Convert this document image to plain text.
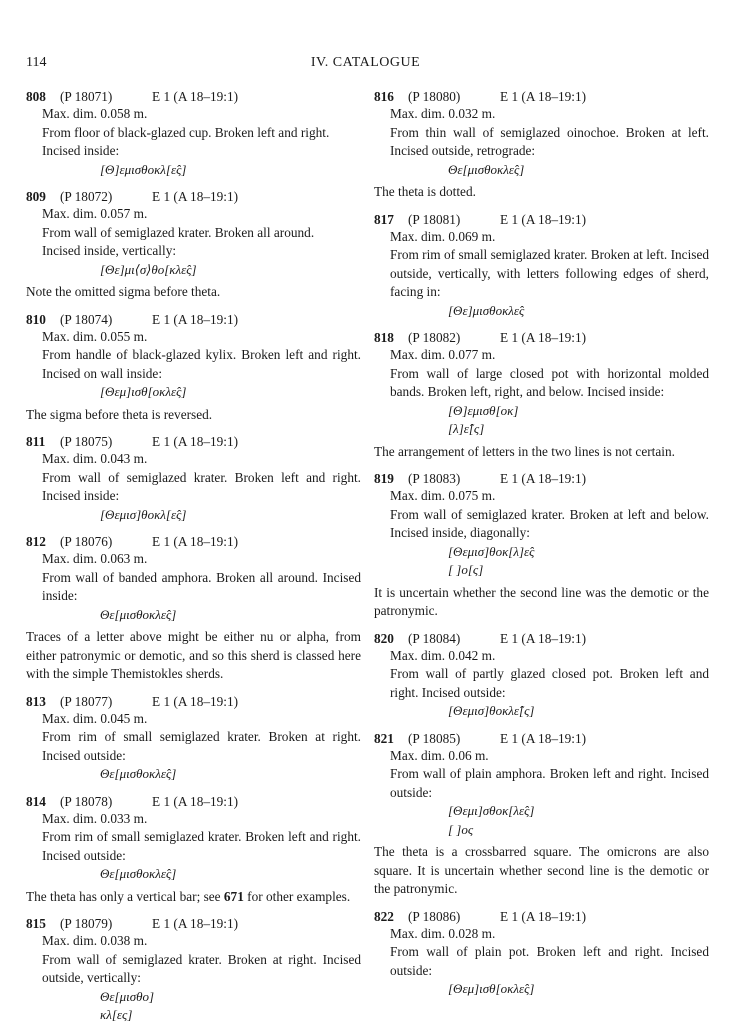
114	IV. CATALOGUE
808 (P 18071)	E 1 (A 18–19:1)
Max. dim. 0.058 m.
From floor of black-glazed cup. Broken left and right.
Incised inside:
[Θ]εμισθοκλ[ε̂ς]
809 (P 18072)	E 1 (A 18–19:1)
Max. dim. 0.057 m.
From wall of semiglazed krater. Broken all around.
Incised inside, vertically:
[Θε]μι⟨σ⟩θο[κλε̂ς]

Note the omitted sigma before theta.

810 (P 18074)	E 1 (A 18–19:1)
Max. dim. 0.055 m.
From handle of black-glazed kylix. Broken left and right. Incised on wall inside:
[Θεμ]ισθ[οκλε̂ς]

The sigma before theta is reversed.

811 (P 18075)	E 1 (A 18–19:1)
Max. dim. 0.043 m.
From wall of semiglazed krater. Broken left and right. Incised inside:
[Θεμισ]θοκλ[ε̂ς]
812 (P 18076)	E 1 (A 18–19:1)
Max. dim. 0.063 m.
From wall of banded amphora. Broken all around. Incised inside:
Θε[μισθοκλε̂ς]

Traces of a letter above might be either nu or alpha, from either patronymic or demotic, and so this sherd is classed here with the simple Themistokles sherds.

813 (P 18077)	E 1 (A 18–19:1)
Max. dim. 0.045 m.
From rim of small semiglazed krater. Broken at right. Incised outside:
Θε[μισθοκλε̂ς]
814 (P 18078)	E 1 (A 18–19:1)
Max. dim. 0.033 m.
From rim of small semiglazed krater. Broken left and right. Incised outside:
Θε[μισθοκλε̂ς]

The theta has only a vertical bar; see 671 for other examples.

815 (P 18079)	E 1 (A 18–19:1)
Max. dim. 0.038 m.
From wall of semiglazed krater. Broken at right. Incised outside, vertically:
Θε[μισθο]
κλ[ες]
816 (P 18080)	E 1 (A 18–19:1)
Max. dim. 0.032 m.
From thin wall of semiglazed oinochoe. Broken at left. Incised outside, retrograde:
Θε[μισθοκλε̂ς]

The theta is dotted.

817 (P 18081)	E 1 (A 18–19:1)
Max. dim. 0.069 m.
From rim of small semiglazed krater. Broken at left. Incised outside, vertically, with letters following edges of sherd, facing in:
[Θε]μισθοκλε̂ς
818 (P 18082)	E 1 (A 18–19:1)
Max. dim. 0.077 m.
From wall of large closed pot with horizontal molded bands. Broken left, right, and below. Incised inside:
[Θ]εμισθ[οκ]
[λ]ε̂[ς]

The arrangement of letters in the two lines is not certain.

819 (P 18083)	E 1 (A 18–19:1)
Max. dim. 0.075 m.
From wall of semiglazed krater. Broken at left and below. Incised inside, diagonally:
[Θεμισ]θοκ[λ]ε̂ς
[ ]ο[ς]

It is uncertain whether the second line was the demotic or the patronymic.

820 (P 18084)	E 1 (A 18–19:1)
Max. dim. 0.042 m.
From wall of partly glazed closed pot. Broken left and right. Incised outside:
[Θεμισ]θοκλε̂[ς]
821 (P 18085)	E 1 (A 18–19:1)
Max. dim. 0.06 m.
From wall of plain amphora. Broken left and right. Incised outside:
[Θεμι]σθοκ[λε̂ς]
[ ]ος

The theta is a crossbarred square. The omicrons are also square. It is uncertain whether second line is the demotic or the patronymic.

822 (P 18086)	E 1 (A 18–19:1)
Max. dim. 0.028 m.
From wall of plain pot. Broken left and right. Incised outside:
[Θεμ]ισθ[οκλε̂ς]
